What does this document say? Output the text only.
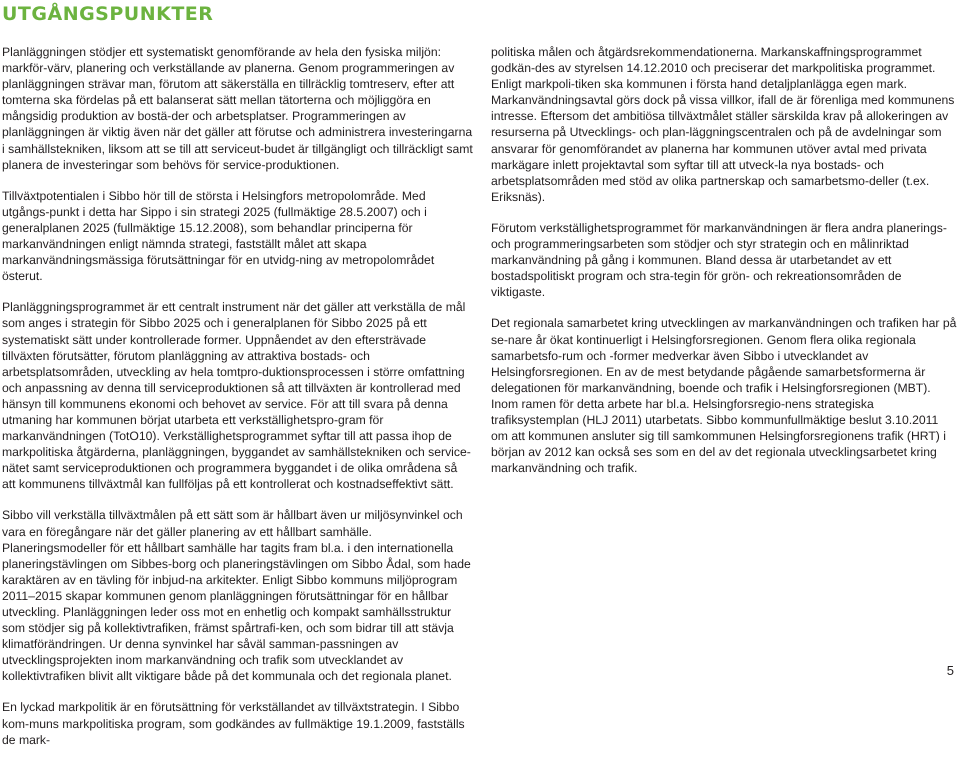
UTGÅNGSPUNKTER

Planläggningen stödjer ett systematiskt genomförande av hela den fysiska miljön: markför-värv, planering och verkställande av planerna. Genom programmeringen av planläggningen strävar man, förutom att säkerställa en tillräcklig tomtreserv, efter att tomterna ska fördelas på ett balanserat sätt mellan tätorterna och möjliggöra en mångsidig produktion av bostä-der och arbetsplatser. Programmeringen av planläggningen är viktig även när det gäller att förutse och administrera investeringarna i samhällstekniken, liksom att se till att serviceut-budet är tillgängligt och tillräckligt samt planera de investeringar som behövs för service-produktionen.

Tillväxtpotentialen i Sibbo hör till de största i Helsingfors metropolområde. Med utgångs-punkt i detta har Sippo i sin strategi 2025 (fullmäktige 28.5.2007) och i generalplanen 2025 (fullmäktige 15.12.2008), som behandlar principerna för markanvändningen enligt nämnda strategi, fastställt målet att skapa markanvändningsmässiga förutsättningar för en utvidg-ning av metropolområdet österut.

Planläggningsprogrammet är ett centralt instrument när det gäller att verkställa de mål som anges i strategin för Sibbo 2025 och i generalplanen för Sibbo 2025 på ett systematiskt sätt under kontrollerade former. Uppnåendet av den eftersträvade tillväxten förutsätter, förutom planläggning av attraktiva bostads- och arbetsplatsområden, utveckling av hela tomtpro-duktionsprocessen i större omfattning och anpassning av denna till serviceproduktionen så att tillväxten är kontrollerad med hänsyn till kommunens ekonomi och behovet av service. För att till svara på denna utmaning har kommunen börjat utarbeta ett verkställighetspro-gram för markanvändningen (TotO10). Verkställighetsprogrammet syftar till att passa ihop de markpolitiska åtgärderna, planläggningen, byggandet av samhällstekniken och service-nätet samt serviceproduktionen och programmera byggandet i de olika områdena så att kommunens tillväxtmål kan fullföljas på ett kontrollerat och kostnadseffektivt sätt.

Sibbo vill verkställa tillväxtmålen på ett sätt som är hållbart även ur miljösynvinkel och vara en föregångare när det gäller planering av ett hållbart samhälle. Planeringsmodeller för ett hållbart samhälle har tagits fram bl.a. i den internationella planeringstävlingen om Sibbes-borg och planeringstävlingen om Sibbo Ådal, som hade karaktären av en tävling för inbjud-na arkitekter. Enligt Sibbo kommuns miljöprogram 2011–2015 skapar kommunen genom planläggningen förutsättningar för en hållbar utveckling. Planläggningen leder oss mot en enhetlig och kompakt samhällsstruktur som stödjer sig på kollektivtrafiken, främst spårtrafi-ken, och som bidrar till att stävja klimatförändringen. Ur denna synvinkel har såväl samman-passningen av utvecklingsprojekten inom markanvändning och trafik som utvecklandet av kollektivtrafiken blivit allt viktigare både på det kommunala och det regionala planet.

En lyckad markpolitik är en förutsättning för verkställandet av tillväxtstrategin. I Sibbo kom-muns markpolitiska program, som godkändes av fullmäktige 19.1.2009, fastställs de mark-

politiska målen och åtgärdsrekommendationerna. Markanskaffningsprogrammet godkän-des av styrelsen 14.12.2010 och preciserar det markpolitiska programmet. Enligt markpoli-tiken ska kommunen i första hand detaljplanlägga egen mark. Markanvändningsavtal görs dock på vissa villkor, ifall de är förenliga med kommunens intresse. Eftersom det ambitiösa tillväxtmålet ställer särskilda krav på allokeringen av resurserna på Utvecklings- och plan-läggningscentralen och på de avdelningar som ansvarar för genomförandet av planerna har kommunen utöver avtal med privata markägare inlett projektavtal som syftar till att utveck-la nya bostads- och arbetsplatsområden med stöd av olika partnerskap och samarbetsmo-deller (t.ex. Eriksnäs).

Förutom verkställighetsprogrammet för markanvändningen är flera andra planerings- och programmeringsarbeten som stödjer och styr strategin och en målinriktad markanvändning på gång i kommunen. Bland dessa är utarbetandet av ett bostadspolitiskt program och stra-tegin för grön- och rekreationsområden de viktigaste.

Det regionala samarbetet kring utvecklingen av markanvändningen och trafiken har på se-nare år ökat kontinuerligt i Helsingforsregionen. Genom flera olika regionala samarbetsfo-rum och -former medverkar även Sibbo i utvecklandet av Helsingforsregionen. En av de mest betydande pågående samarbetsformerna är delegationen för markanvändning, boende och trafik i Helsingforsregionen (MBT). Inom ramen för detta arbete har bl.a. Helsingforsregio-nens strategiska trafiksystemplan (HLJ 2011) utarbetats. Sibbo kommunfullmäktige beslut 3.10.2011 om att kommunen ansluter sig till samkommunen Helsingforsregionens trafik (HRT) i början av 2012 kan också ses som en del av det regionala utvecklingsarbetet kring markanvändning och trafik.

5
